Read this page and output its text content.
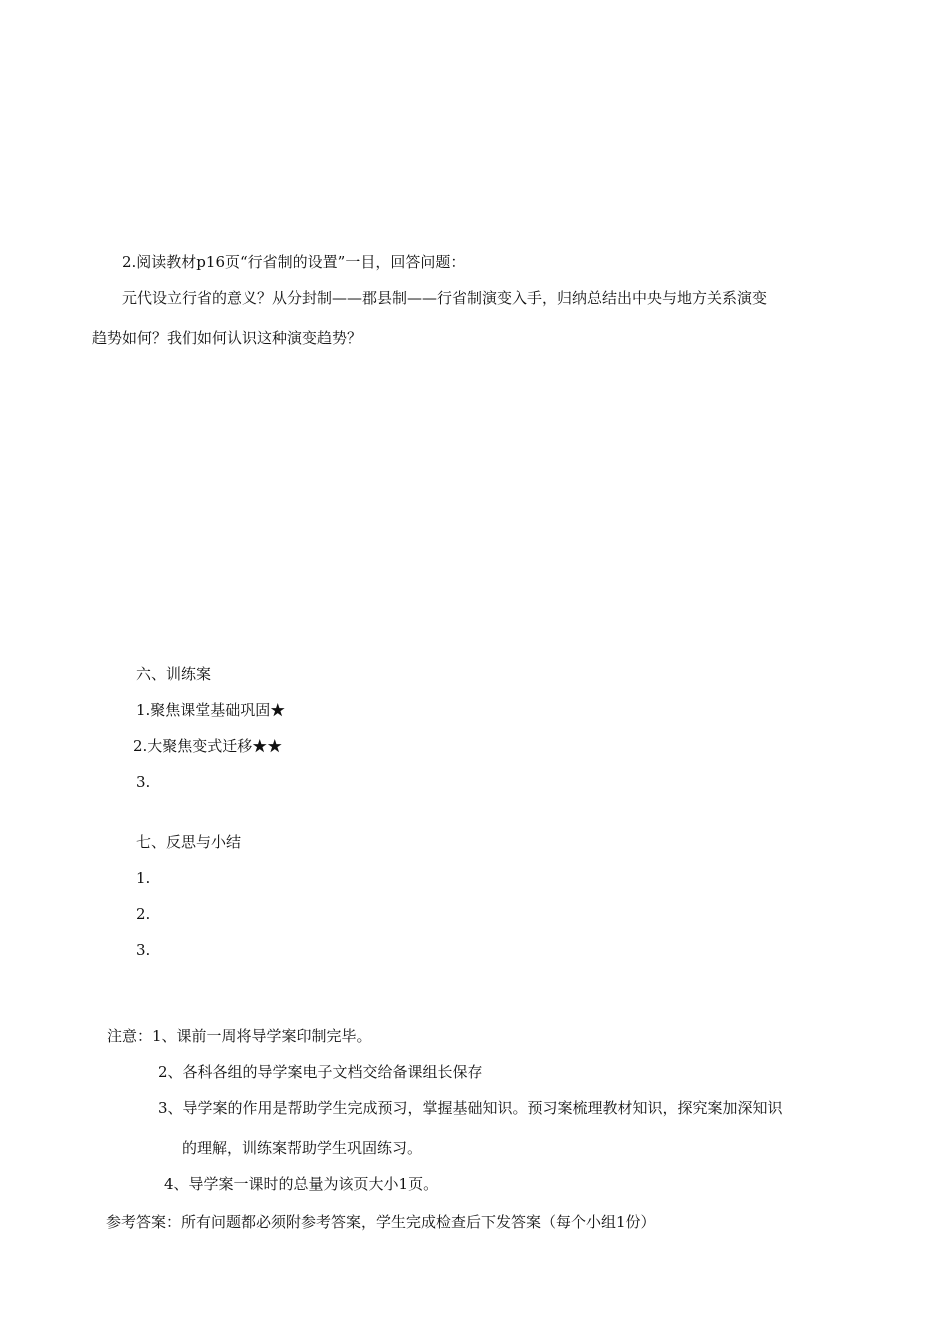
2.阅读教材p16页“行省制的设置”一目，回答问题：
元代设立行省的意义？从分封制——郡县制——行省制演变入手，归纳总结出中央与地方关系演变
趋势如何？我们如何认识这种演变趋势？
六、训练案
1.聚焦课堂基础巩固★
2.大聚焦变式迁移★★
3.
七、反思与小结
1.
2.
3.
注意：1、课前一周将导学案印制完毕。
2、各科各组的导学案电子文档交给备课组长保存
3、导学案的作用是帮助学生完成预习，掌握基础知识。预习案梳理教材知识，探究案加深知识
的理解，训练案帮助学生巩固练习。
4、导学案一课时的总量为该页大小1页。
参考答案：所有问题都必须附参考答案，学生完成检查后下发答案（每个小组1份）
